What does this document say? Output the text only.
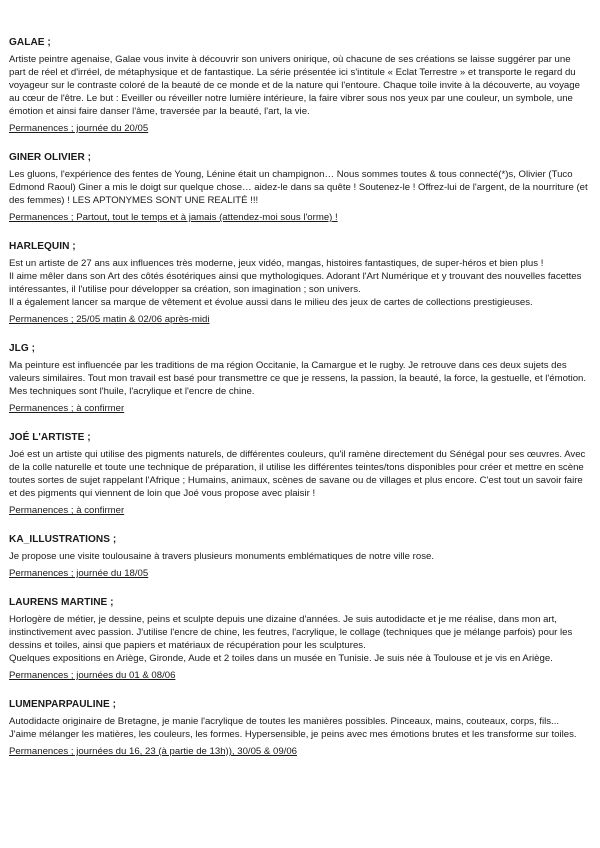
GALAE ;

Artiste peintre agenaise, Galae vous invite à découvrir son univers onirique, où chacune de ses créations se laisse suggérer par une part de réel et d'irréel, de métaphysique et de fantastique. La série présentée ici s'intitule « Eclat Terrestre » et transporte le regard du voyageur sur le contraste coloré de la beauté de ce monde et de la nature qui l'entoure. Chaque toile invite à la découverte, au voyage au cœur de l'être. Le but : Eveiller ou réveiller notre lumière intérieure, la faire vibrer sous nos yeux par une couleur, un symbole, une émotion et ainsi faire danser l'âme, traversée par la beauté, l'art, la vie.

Permanences ; journée du 20/05
GINER OLIVIER ;

Les gluons, l'expérience des fentes de Young, Lénine était un champignon… Nous sommes toutes & tous connecté(*)s, Olivier (Tuco Edmond Raoul) Giner a mis le doigt sur quelque chose… aidez-le dans sa quête ! Soutenez-le ! Offrez-lui de l'argent, de la nourriture (et des femmes) ! LES APTONYMES SONT UNE REALITÉ !!!

Permanences ; Partout, tout le temps et à jamais (attendez-moi sous l'orme) !
HARLEQUIN ;

Est un artiste de 27 ans aux influences très moderne, jeux vidéo, mangas, histoires fantastiques, de super-héros et bien plus !
Il aime mêler dans son Art des côtés ésotériques ainsi que mythologiques. Adorant l'Art Numérique et y trouvant des nouvelles facettes intéressantes, il l'utilise pour développer sa création, son imagination ; son univers.
Il a également lancer sa marque de vêtement et évolue aussi dans le milieu des jeux de cartes de collections prestigieuses.

Permanences ; 25/05 matin & 02/06 après-midi
JLG ;

Ma peinture est influencée par les traditions de ma région Occitanie, la Camargue et le rugby. Je retrouve dans ces deux sujets des valeurs similaires. Tout mon travail est basé pour transmettre ce que je ressens, la passion, la beauté, la force, la gestuelle, et l'émotion. Mes techniques sont l'huile, l'acrylique et l'encre de chine.

Permanences ; à confirmer
JOÉ L'ARTISTE ;

Joé est un artiste qui utilise des pigments naturels, de différentes couleurs, qu'il ramène directement du Sénégal pour ses œuvres. Avec de la colle naturelle et toute une technique de préparation, il utilise les différentes teintes/tons disponibles pour créer et mettre en scène toutes sortes de sujet rappelant l'Afrique ; Humains, animaux, scènes de savane ou de villages et plus encore. C'est tout un savoir faire et des pigments qui viennent de loin que Joé vous propose avec plaisir !

Permanences ; à confirmer
KA_ILLUSTRATIONS ;

Je propose une visite toulousaine à travers plusieurs monuments emblématiques de notre ville rose.

Permanences ; journée du 18/05
LAURENS MARTINE ;

Horlogère de métier, je dessine, peins et sculpte depuis une dizaine d'années. Je suis autodidacte et je me réalise, dans mon art, instinctivement avec passion. J'utilise l'encre de chine, les feutres, l'acrylique, le collage (techniques que je mélange parfois) pour les dessins et toiles, ainsi que papiers et matériaux de récupération pour les sculptures.
Quelques expositions en Ariège, Gironde, Aude et 2 toiles dans un musée en Tunisie. Je suis née à Toulouse et je vis en Ariège.

Permanences ; journées du 01 & 08/06
LUMENPARPAULINE ;

Autodidacte originaire de Bretagne, je manie l'acrylique de toutes les manières possibles. Pinceaux, mains, couteaux, corps, fils... J'aime mélanger les matières, les couleurs, les formes. Hypersensible, je peins avec mes émotions brutes et les transforme sur toiles.

Permanences ; journées du 16, 23 (à partie de 13h)), 30/05 & 09/06
